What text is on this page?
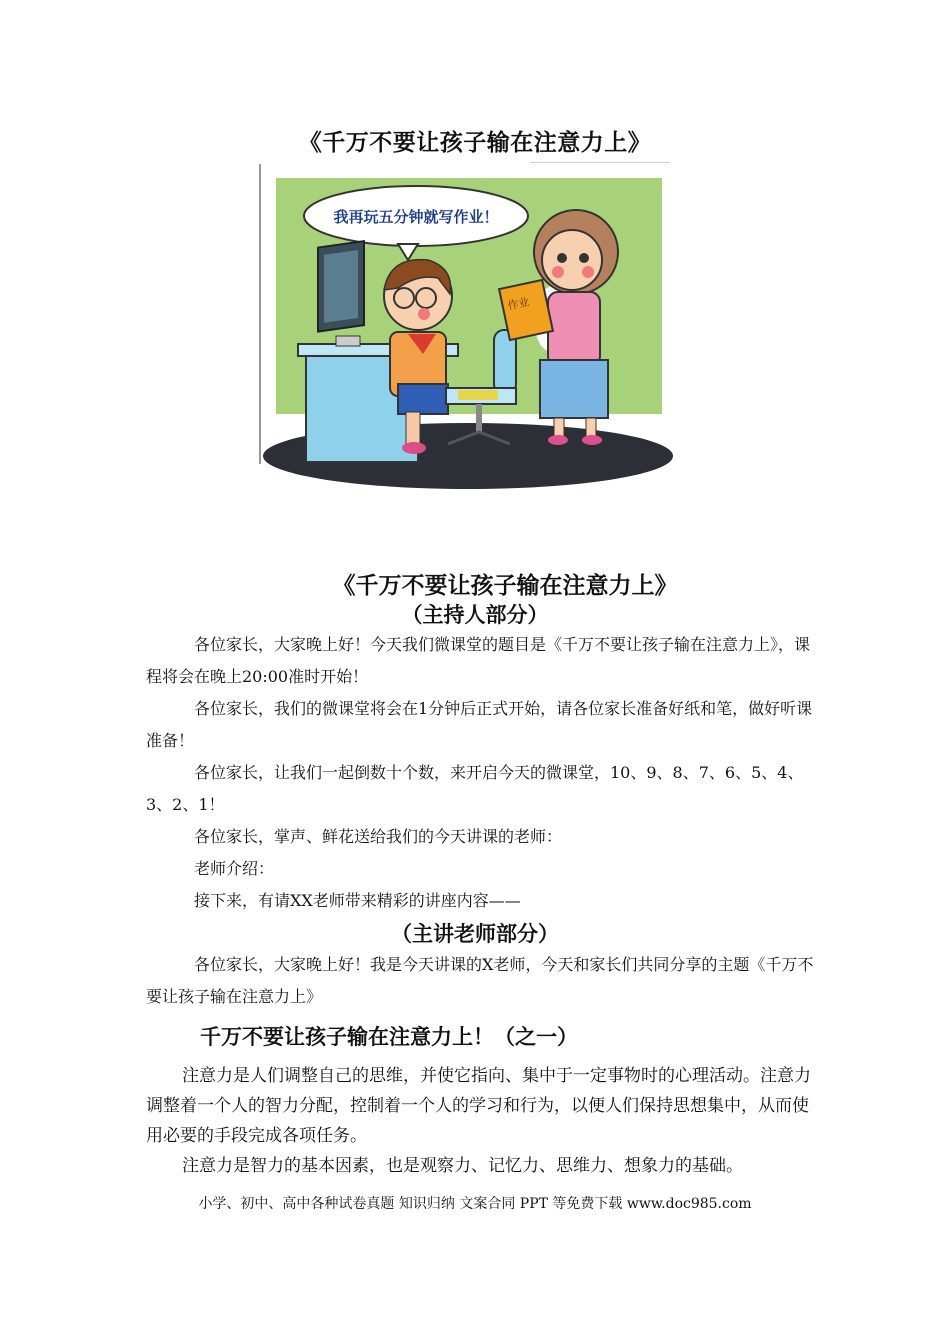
《千万不要让孩子输在注意力上》
我再玩五分钟就写作业！
作业
《千万不要让孩子输在注意力上》
（主持人部分）
各位家长，大家晚上好！今天我们微课堂的题目是《千万不要让孩子输在注意力上》，课程将会在晚上20:00准时开始！
各位家长，我们的微课堂将会在1分钟后正式开始，请各位家长准备好纸和笔，做好听课准备！
各位家长，让我们一起倒数十个数，来开启今天的微课堂，10、9、8、7、6、5、4、3、2、1！
各位家长，掌声、鲜花送给我们的今天讲课的老师：
老师介绍：
接下来，有请XX老师带来精彩的讲座内容——
（主讲老师部分）
各位家长，大家晚上好！我是今天讲课的X老师，今天和家长们共同分享的主题《千万不要让孩子输在注意力上》
千万不要让孩子输在注意力上！（之一）
注意力是人们调整自己的思维，并使它指向、集中于一定事物时的心理活动。注意力调整着一个人的智力分配，控制着一个人的学习和行为，以便人们保持思想集中，从而使用必要的手段完成各项任务。
注意力是智力的基本因素，也是观察力、记忆力、思维力、想象力的基础。
小学、初中、高中各种试卷真题 知识归纳 文案合同 PPT 等免费下载 www.doc985.com
